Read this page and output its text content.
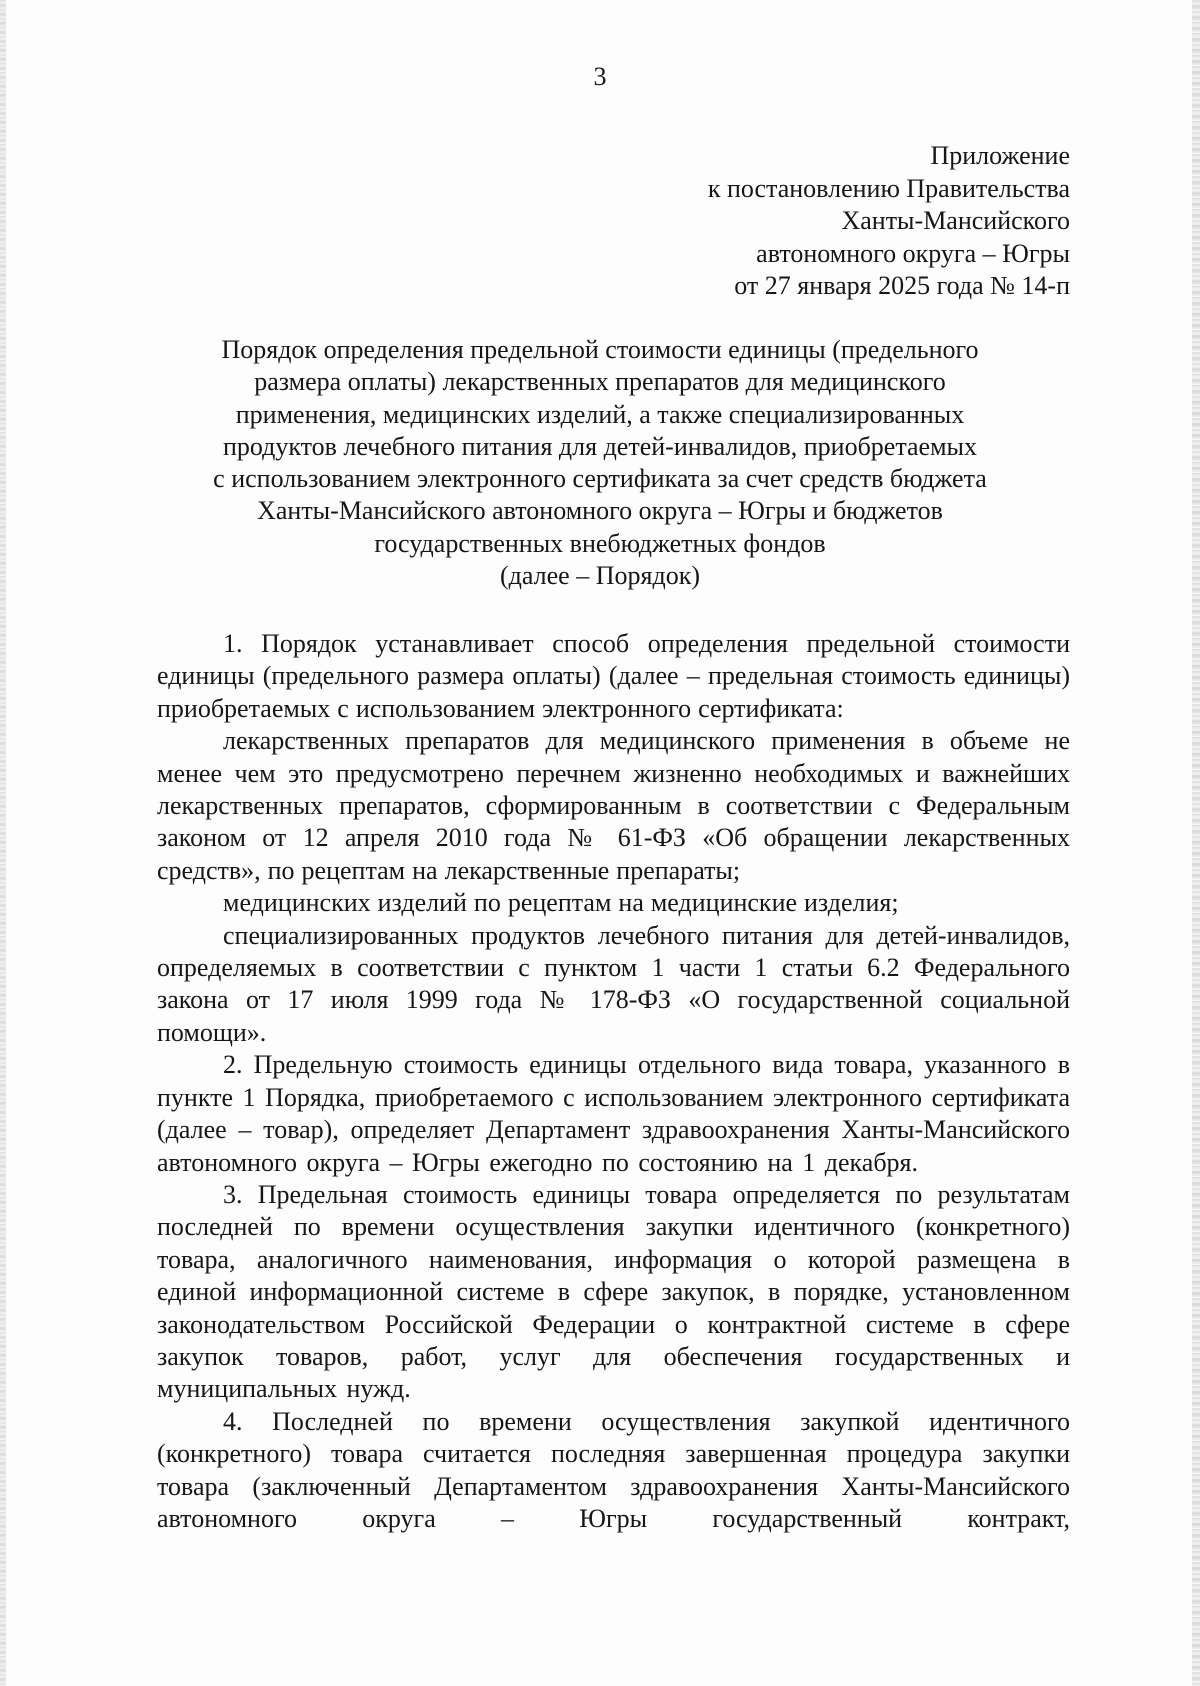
3
Приложение
к постановлению Правительства
Ханты-Мансийского
автономного округа – Югры
от 27 января 2025 года № 14-п
Порядок определения предельной стоимости единицы (предельного
размера оплаты) лекарственных препаратов для медицинского
применения, медицинских изделий, а также специализированных
продуктов лечебного питания для детей-инвалидов, приобретаемых
с использованием электронного сертификата за счет средств бюджета
Ханты-Мансийского автономного округа – Югры и бюджетов
государственных внебюджетных фондов
(далее – Порядок)

1. Порядок устанавливает способ определения предельной стоимости единицы (предельного размера оплаты) (далее – предельная стоимость единицы) приобретаемых с использованием электронного сертификата:

лекарственных препаратов для медицинского применения в объеме не менее чем это предусмотрено перечнем жизненно необходимых и важнейших лекарственных препаратов, сформированным в соответствии с Федеральным законом от 12 апреля 2010 года № 61-ФЗ «Об обращении лекарственных средств», по рецептам на лекарственные препараты;

медицинских изделий по рецептам на медицинские изделия;

специализированных продуктов лечебного питания для детей-инвалидов, определяемых в соответствии с пунктом 1 части 1 статьи 6.2 Федерального закона от 17 июля 1999 года № 178-ФЗ «О государственной социальной помощи».

2. Предельную стоимость единицы отдельного вида товара, указанного в пункте 1 Порядка, приобретаемого с использованием электронного сертификата (далее – товар), определяет Департамент здравоохранения Ханты-Мансийского автономного округа – Югры ежегодно по состоянию на 1 декабря.

3. Предельная стоимость единицы товара определяется по результатам последней по времени осуществления закупки идентичного (конкретного) товара, аналогичного наименования, информация о которой размещена в единой информационной системе в сфере закупок, в порядке, установленном законодательством Российской Федерации о контрактной системе в сфере закупок товаров, работ, услуг для обеспечения государственных и муниципальных нужд.

4. Последней по времени осуществления закупкой идентичного (конкретного) товара считается последняя завершенная процедура закупки товара (заключенный Департаментом здравоохранения Ханты-Мансийского автономного округа – Югры государственный контракт,
